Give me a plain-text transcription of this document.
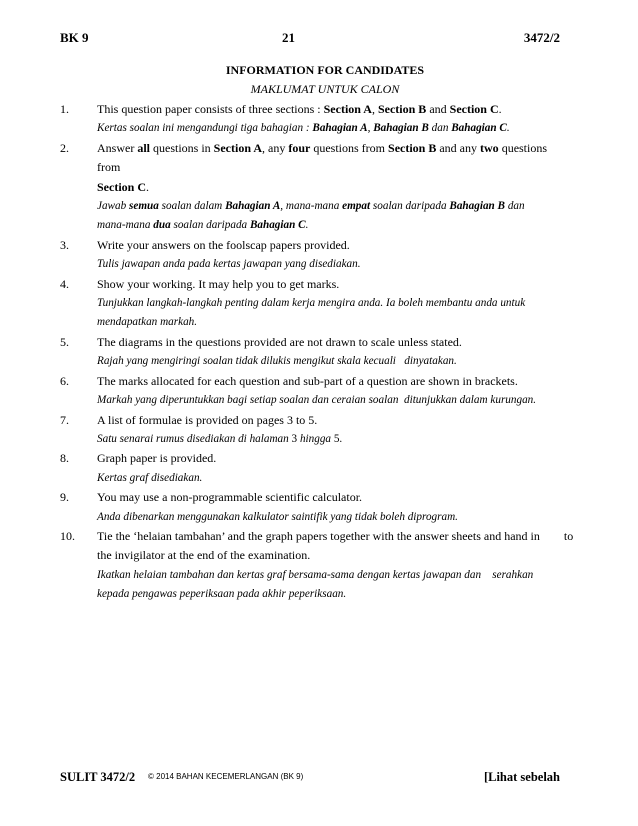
BK 9	21	3472/2
INFORMATION FOR CANDIDATES
MAKLUMAT UNTUK CALON
1. This question paper consists of three sections : Section A, Section B and Section C.
Kertas soalan ini mengandungi tiga bahagian : Bahagian A, Bahagian B dan Bahagian C.
2. Answer all questions in Section A, any four questions from Section B and any two questions from
Section C.
Jawab semua soalan dalam Bahagian A, mana-mana empat soalan daripada Bahagian B dan
mana-mana dua soalan daripada Bahagian C.
3. Write your answers on the foolscap papers provided.
Tulis jawapan anda pada kertas jawapan yang disediakan.
4. Show your working. It may help you to get marks.
Tunjukkan langkah-langkah penting dalam kerja mengira anda. Ia boleh membantu anda untuk
mendapatkan markah.
5. The diagrams in the questions provided are not drawn to scale unless stated.
Rajah yang mengiringi soalan tidak dilukis mengikut skala kecuali   dinyatakan.
6. The marks allocated for each question and sub-part of a question are shown in brackets.
Markah yang diperuntukkan bagi setiap soalan dan ceraian soalan  ditunjukkan dalam kurungan.
7. A list of formulae is provided on pages 3 to 5.
Satu senarai rumus disediakan di halaman 3 hingga 5.
8. Graph paper is provided.
Kertas graf disediakan.
9. You may use a non-programmable scientific calculator.
Anda dibenarkan menggunakan kalkulator saintifik yang tidak boleh diprogram.
10. Tie the ‘helaian tambahan’ and the graph papers together with the answer sheets and hand in        to
the invigilator at the end of the examination.
Ikatkan helaian tambahan dan kertas graf bersama-sama dengan kertas jawapan dan    serahkan
kepada pengawas peperiksaan pada akhir peperiksaan.
SULIT 3472/2 © 2014 BAHAN KECEMERLANGAN (BK 9)	[Lihat sebelah
